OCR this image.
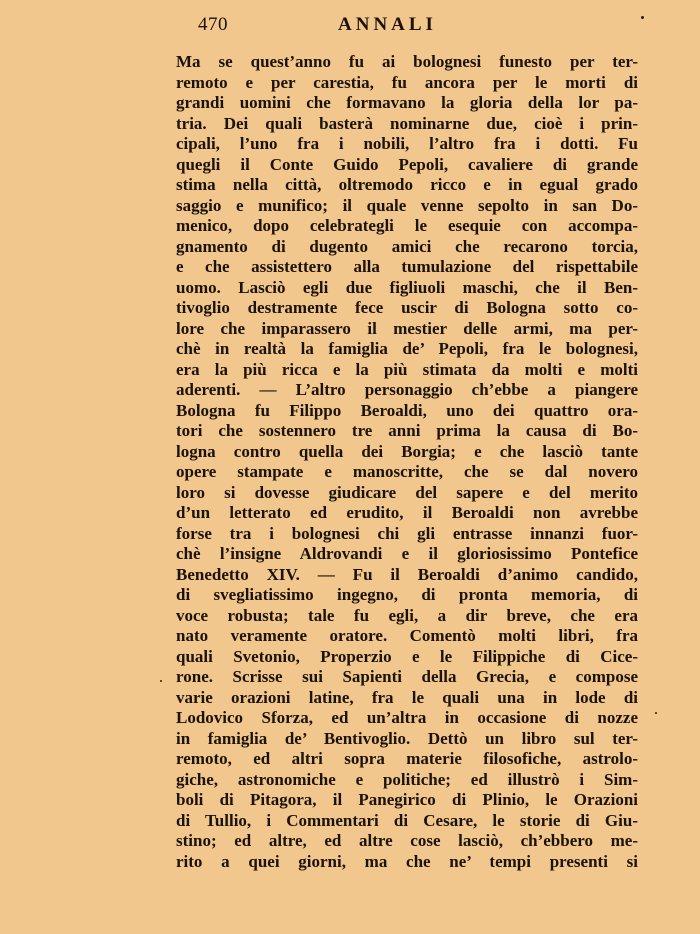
470	ANNALI
Ma se quest’anno fu ai bolognesi funesto per ter-
remoto e per carestia, fu ancora per le morti di
grandi uomini che formavano la gloria della lor pa-
tria. Dei quali basterà nominarne due, cioè i prin-
cipali, l’uno fra i nobili, l’altro fra i dotti. Fu
quegli il Conte Guido Pepoli, cavaliere di grande
stima nella città, oltremodo ricco e in egual grado
saggio e munifico; il quale venne sepolto in san Do-
menico, dopo celebrategli le esequie con accompa-
gnamento di dugento amici che recarono torcia,
e che assistettero alla tumulazione del rispettabile
uomo. Lasciò egli due figliuoli maschi, che il Ben-
tivoglio destramente fece uscir di Bologna sotto co-
lore che imparassero il mestier delle armi, ma per-
chè in realtà la famiglia de’ Pepoli, fra le bolognesi,
era la più ricca e la più stimata da molti e molti
aderenti. — L’altro personaggio ch’ebbe a piangere
Bologna fu Filippo Beroaldi, uno dei quattro ora-
tori che sostennero tre anni prima la causa di Bo-
logna contro quella dei Borgia; e che lasciò tante
opere stampate e manoscritte, che se dal novero
loro si dovesse giudicare del sapere e del merito
d’un letterato ed erudito, il Beroaldi non avrebbe
forse tra i bolognesi chi gli entrasse innanzi fuor-
chè l’insigne Aldrovandi e il gloriosissimo Pontefice
Benedetto XIV. — Fu il Beroaldi d’animo candido,
di svegliatissimo ingegno, di pronta memoria, di
voce robusta; tale fu egli, a dir breve, che era
nato veramente oratore. Comentò molti libri, fra
quali Svetonio, Properzio e le Filippiche di Cice-
rone. Scrisse sui Sapienti della Grecia, e compose
varie orazioni latine, fra le quali una in lode di
Lodovico Sforza, ed un’altra in occasione di nozze
in famiglia de’ Bentivoglio. Dettò un libro sul ter-
remoto, ed altri sopra materie filosofiche, astrolo-
giche, astronomiche e politiche; ed illustrò i Sim-
boli di Pitagora, il Panegirico di Plinio, le Orazioni
di Tullio, i Commentari di Cesare, le storie di Giu-
stino; ed altre, ed altre cose lasciò, ch’ebbero me-
rito a quei giorni, ma che ne’ tempi presenti si
